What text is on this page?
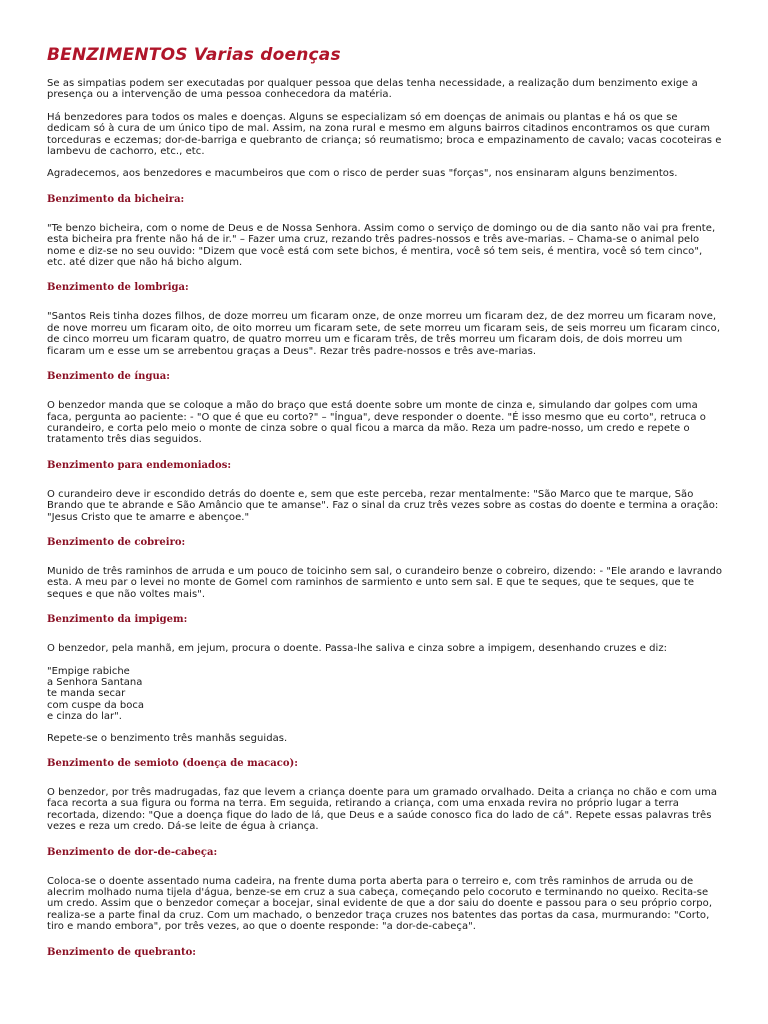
BENZIMENTOS Varias doenças

Se as simpatias podem ser executadas por qualquer pessoa que delas tenha necessidade, a realização dum benzimento exige a presença ou a intervenção de uma pessoa conhecedora da matéria.

Há benzedores para todos os males e doenças. Alguns se especializam só em doenças de animais ou plantas e há os que se dedicam só à cura de um único tipo de mal. Assim, na zona rural e mesmo em alguns bairros citadinos encontramos os que curam torceduras e eczemas; dor-de-barriga e quebranto de criança; só reumatismo; broca e empazinamento de cavalo; vacas cocoteiras e lambevu de cachorro, etc., etc.

Agradecemos, aos benzedores e macumbeiros que com o risco de perder suas "forças", nos ensinaram alguns benzimentos.

Benzimento da bicheira:

"Te benzo bicheira, com o nome de Deus e de Nossa Senhora. Assim como o serviço de domingo ou de dia santo não vai pra frente, esta bicheira pra frente não há de ir." – Fazer uma cruz, rezando três padres-nossos e três ave-marias. – Chama-se o animal pelo nome e diz-se no seu ouvido: "Dizem que você está com sete bichos, é mentira, você só tem seis, é mentira, você só tem cinco", etc. até dizer que não há bicho algum.

Benzimento de lombriga:

"Santos Reis tinha dozes filhos, de doze morreu um ficaram onze, de onze morreu um ficaram dez, de dez morreu um ficaram nove, de nove morreu um ficaram oito, de oito morreu um ficaram sete, de sete morreu um ficaram seis, de seis morreu um ficaram cinco, de cinco morreu um ficaram quatro, de quatro morreu um e ficaram três, de três morreu um ficaram dois, de dois morreu um ficaram um e esse um se arrebentou graças a Deus". Rezar três padre-nossos e três ave-marias.

Benzimento de íngua:

O benzedor manda que se coloque a mão do braço que está doente sobre um monte de cinza e, simulando dar golpes com uma faca, pergunta ao paciente: - "O que é que eu corto?" – "Íngua", deve responder o doente. "É isso mesmo que eu corto", retruca o curandeiro, e corta pelo meio o monte de cinza sobre o qual ficou a marca da mão. Reza um padre-nosso, um credo e repete o tratamento três dias seguidos.

Benzimento para endemoniados:

O curandeiro deve ir escondido detrás do doente e, sem que este perceba, rezar mentalmente: "São Marco que te marque, São Brando que te abrande e São Amâncio que te amanse". Faz o sinal da cruz três vezes sobre as costas do doente e termina a oração: "Jesus Cristo que te amarre e abençoe."

Benzimento de cobreiro:

Munido de três raminhos de arruda e um pouco de toicinho sem sal, o curandeiro benze o cobreiro, dizendo: - "Ele arando e lavrando esta. A meu par o levei no monte de Gomel com raminhos de sarmiento e unto sem sal. E que te seques, que te seques, que te seques e que não voltes mais".

Benzimento da impigem:

O benzedor, pela manhã, em jejum, procura o doente. Passa-lhe saliva e cinza sobre a impigem, desenhando cruzes e diz:

"Empige rabiche
a Senhora Santana
te manda secar
com cuspe da boca
e cinza do lar".

Repete-se o benzimento três manhãs seguidas.

Benzimento de semioto (doença de macaco):

O benzedor, por três madrugadas, faz que levem a criança doente para um gramado orvalhado. Deita a criança no chão e com uma faca recorta a sua figura ou forma na terra. Em seguida, retirando a criança, com uma enxada revira no próprio lugar a terra recortada, dizendo: "Que a doença fique do lado de lá, que Deus e a saúde conosco fica do lado de cá". Repete essas palavras três vezes e reza um credo. Dá-se leite de égua à criança.

Benzimento de dor-de-cabeça:

Coloca-se o doente assentado numa cadeira, na frente duma porta aberta para o terreiro e, com três raminhos de arruda ou de alecrim molhado numa tijela d'água, benze-se em cruz a sua cabeça, começando pelo cocoruto e terminando no queixo. Recita-se um credo. Assim que o benzedor começar a bocejar, sinal evidente de que a dor saiu do doente e passou para o seu próprio corpo, realiza-se a parte final da cruz. Com um machado, o benzedor traça cruzes nos batentes das portas da casa, murmurando: "Corto, tiro e mando embora", por três vezes, ao que o doente responde: "a dor-de-cabeça".

Benzimento de quebranto:
